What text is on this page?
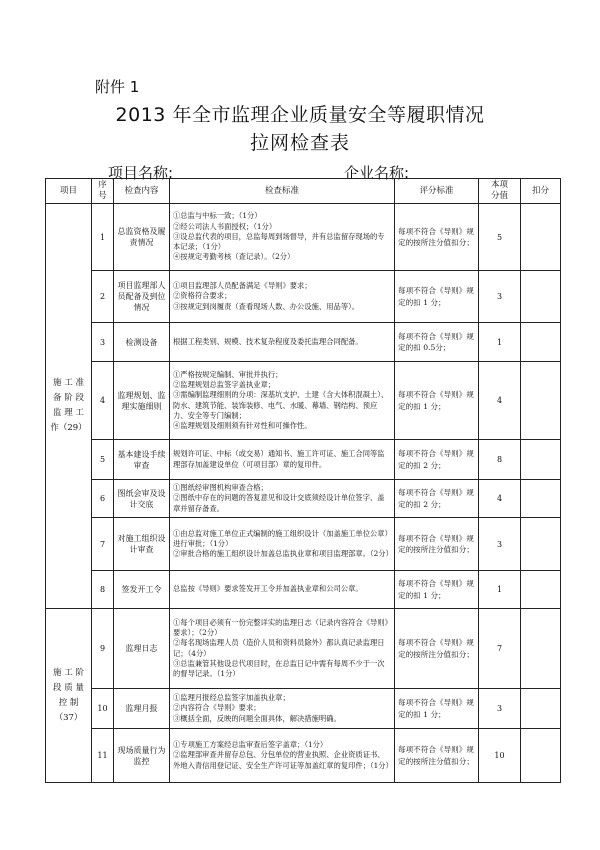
附件 1
2013 年全市监理企业质量安全等履职情况
拉网检查表
项目名称:	企业名称:
项目	序
号	检查内容	检查标准	评分标准	本项
分值	扣分
施 工 准 备 阶 段 监 理 工 作（29）	1	总监资格及履责情况	①总监与中标一致；（1分）
②经公司法人书面授权；（1分）
③设总监代表的项目，总监每周到场督导，并有总监留存现场的专本记录；（1分）
④按规定考勤考核（查记录）。（2分）	每项不符合《导则》规定的按所注分值扣分；	5	
	2	项目监理部人员配备及到位情况	①项目监理部人员配备满足《导则》要求；
②资格符合要求；
③按规定到岗履责（查看现场人数、办公设施、用品等）。	每项不符合《导则》规定的扣 1 分；	3	
	3	检测设备	根据工程类别、规模、技术复杂程度及委托监理合同配备。	每项不符合《导则》规定的扣 0.5分；	1	
	4	监理规划、监理实施细则	①严格按规定编制、审批并执行；
②监理规划总监签字盖执业章；
③需编制监理细则的分项：深基坑支护、土建（含大体积混凝土）、防水、建筑节能、装饰装修、电气、水暖、幕墙、钢结构、预应力、安全等专门编制；
④监理规划及细则须有针对性和可操作性。	每项不符合《导则》规定的扣 1 分；	4	
	5	基本建设手续审查	规划许可证、中标（或交易）通知书、施工许可证、施工合同等监理部存加盖建设单位（可项目部）章的复印件。	每项不符合《导则》规定的扣 2 分；	8	
	6	图纸会审及设计交底	①图纸经审图机构审查合格；
②图纸中存在的问题的答复意见和设计交底须经设计单位签字、盖章并留存备查。	每项不符合《导则》规定的扣 2 分；	4	
	7	对施工组织设计审查	①由总监对施工单位正式编制的施工组织设计（加盖施工单位公章）进行审批；（1分）
②审批合格的施工组织设计加盖总监执业章和项目监理部章。（2分）	每项不符合《导则》规定的按所注分值扣分；	3	
	8	签发开工令	总监按《导则》要求签发开工令并加盖执业章和公司公章。	每项不符合《导则》规定的扣 1 分；	1	
施 工 阶 段 质 量 控 制（37）	9	监理日志	①每个项目必须有一份完整详实的监理日志（记录内容符合《导则》要求）；（2分）
②每名现场监理人员（造价人员和资料员除外）都认真记录监理日记；（4分）
③总监兼管其他设总代项目时，在总监日记中需有每周不少于一次的督导记录。（1分）	每项不符合《导则》规定的按所注分值扣分；	7	
	10	监理月报	①监理月报经总监签字加盖执业章；
②内容符合《导则》要求；
③概括全面，反映的问题全面具体，解决措施明确。	每项不符合《导则》规定的扣 1 分；	3	
	11	现场质量行为监控	①专项施工方案经总监审查后签字盖章；（1分）
②监理部审查并留存总包、分包单位的营业执照、企业资质证书、外地入青信用登记证、安全生产许可证等加盖红章的复印件；（1分）	每项不符合《导则》规定的按所注分值扣分；	10	
